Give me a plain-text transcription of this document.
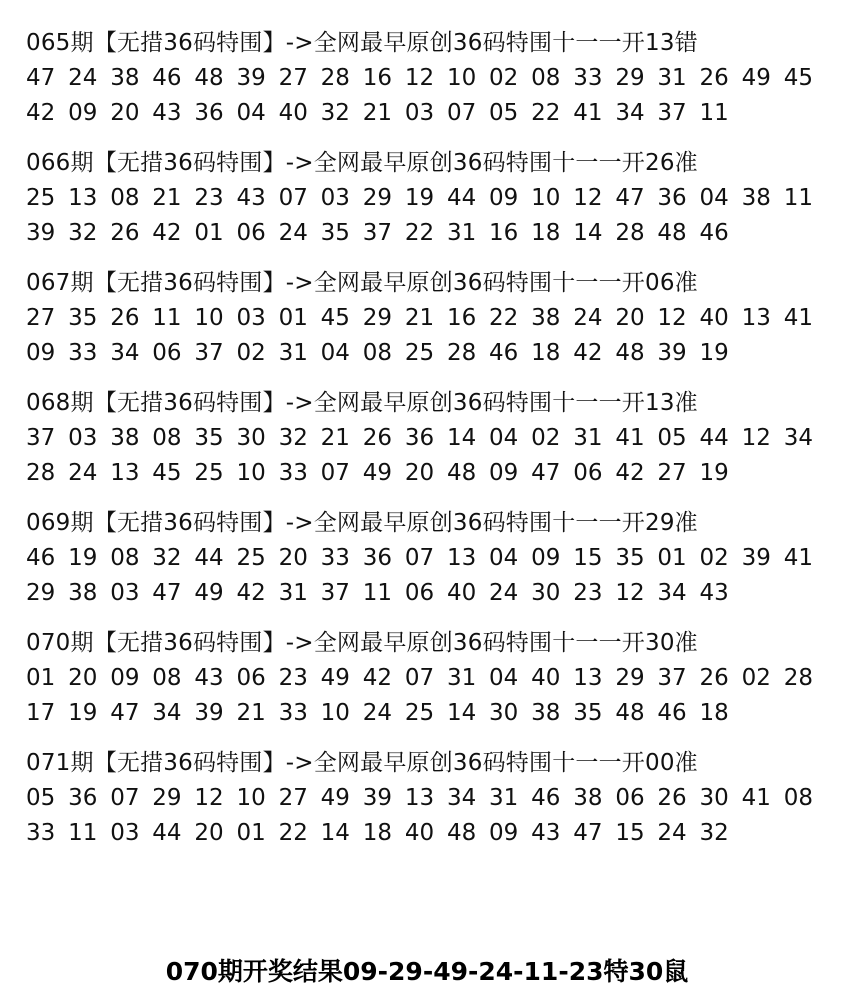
065期【无措36码特围】->全网最早原创36码特围十一一开13错
47 24 38 46 48 39 27 28 16 12 10 02 08 33 29 31 26 49 45
42 09 20 43 36 04 40 32 21 03 07 05 22 41 34 37 11
066期【无措36码特围】->全网最早原创36码特围十一一开26准
25 13 08 21 23 43 07 03 29 19 44 09 10 12 47 36 04 38 11
39 32 26 42 01 06 24 35 37 22 31 16 18 14 28 48 46
067期【无措36码特围】->全网最早原创36码特围十一一开06准
27 35 26 11 10 03 01 45 29 21 16 22 38 24 20 12 40 13 41
09 33 34 06 37 02 31 04 08 25 28 46 18 42 48 39 19
068期【无措36码特围】->全网最早原创36码特围十一一开13准
37 03 38 08 35 30 32 21 26 36 14 04 02 31 41 05 44 12 34
28 24 13 45 25 10 33 07 49 20 48 09 47 06 42 27 19
069期【无措36码特围】->全网最早原创36码特围十一一开29准
46 19 08 32 44 25 20 33 36 07 13 04 09 15 35 01 02 39 41
29 38 03 47 49 42 31 37 11 06 40 24 30 23 12 34 43
070期【无措36码特围】->全网最早原创36码特围十一一开30准
01 20 09 08 43 06 23 49 42 07 31 04 40 13 29 37 26 02 28
17 19 47 34 39 21 33 10 24 25 14 30 38 35 48 46 18
071期【无措36码特围】->全网最早原创36码特围十一一开00准
05 36 07 29 12 10 27 49 39 13 34 31 46 38 06 26 30 41 08
33 11 03 44 20 01 22 14 18 40 48 09 43 47 15 24 32
070期开奖结果09-29-49-24-11-23特30鼠
